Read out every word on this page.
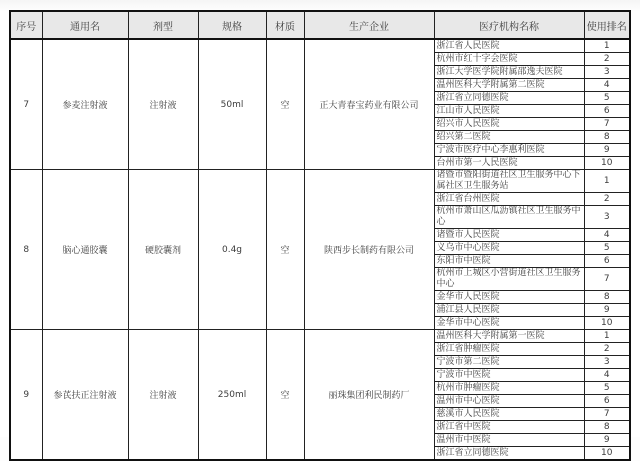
序号	通用名	剂型	规格	材质	生产企业	医疗机构名称	使用排名
7	参麦注射液	注射液	50ml	空	正大青春宝药业有限公司	浙江省人民医院	1
						杭州市红十字会医院	2
						浙江大学医学院附属邵逸夫医院	3
						温州医科大学附属第二医院	4
						浙江省立同德医院	5
						江山市人民医院	6
						绍兴市人民医院	7
						绍兴第二医院	8
						宁波市医疗中心李惠利医院	9
						台州市第一人民医院	10
8	脑心通胶囊	硬胶囊剂	0.4g	空	陕西步长制药有限公司	诸暨市暨阳街道社区卫生服务中心下属社区卫生服务站	1
						浙江省台州医院	2
						杭州市萧山区瓜沥镇社区卫生服务中心	3
						诸暨市人民医院	4
						义乌市中心医院	5
						东阳市中医院	6
						杭州市上城区小营街道社区卫生服务中心	7
						金华市人民医院	8
						浦江县人民医院	9
						金华市中心医院	10
9	参芪扶正注射液	注射液	250ml	空	丽珠集团利民制药厂	温州医科大学附属第一医院	1
						浙江省肿瘤医院	2
						宁波市第二医院	3
						宁波市中医院	4
						杭州市肿瘤医院	5
						温州市中心医院	6
						慈溪市人民医院	7
						浙江省中医院	8
						温州市中医院	9
						浙江省立同德医院	10
